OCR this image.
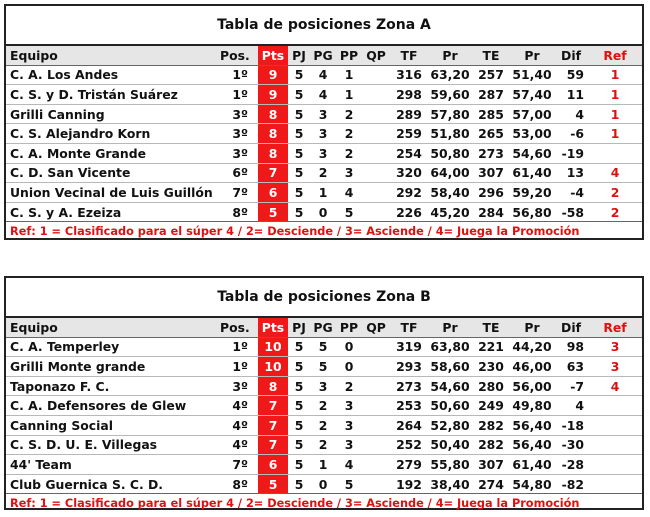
Tabla de posiciones Zona A
Equipo	Pos.	Pts	PJ	PG	PP	QP	TF	Pr	TE	Pr	Dif	Ref
C. A. Los Andes	1º	9	5	4	1		316	63,20	257	51,40	59	1
C. S. y D. Tristán Suárez	1º	9	5	4	1		298	59,60	287	57,40	11	1
Grilli Canning	3º	8	5	3	2		289	57,80	285	57,00	4	1
C. S. Alejandro Korn	3º	8	5	3	2		259	51,80	265	53,00	-6	1
C. A. Monte Grande	3º	8	5	3	2		254	50,80	273	54,60	-19	
C. D. San Vicente	6º	7	5	2	3		320	64,00	307	61,40	13	4
Union Vecinal de Luis Guillón	7º	6	5	1	4		292	58,40	296	59,20	-4	2
C. S. y A. Ezeiza	8º	5	5	0	5		226	45,20	284	56,80	-58	2
Ref: 1 = Clasificado para el súper 4 / 2= Desciende / 3= Asciende / 4= Juega la Promoción
Tabla de posiciones Zona B
Equipo	Pos.	Pts	PJ	PG	PP	QP	TF	Pr	TE	Pr	Dif	Ref
C. A. Temperley	1º	10	5	5	0		319	63,80	221	44,20	98	3
Grilli Monte grande	1º	10	5	5	0		293	58,60	230	46,00	63	3
Taponazo F. C.	3º	8	5	3	2		273	54,60	280	56,00	-7	4
C. A. Defensores de Glew	4º	7	5	2	3		253	50,60	249	49,80	4	
Canning Social	4º	7	5	2	3		264	52,80	282	56,40	-18	
C. S. D. U. E. Villegas	4º	7	5	2	3		252	50,40	282	56,40	-30	
44' Team	7º	6	5	1	4		279	55,80	307	61,40	-28	
Club Guernica S. C. D.	8º	5	5	0	5		192	38,40	274	54,80	-82	
Ref: 1 = Clasificado para el súper 4 / 2= Desciende / 3= Asciende / 4= Juega la Promoción
